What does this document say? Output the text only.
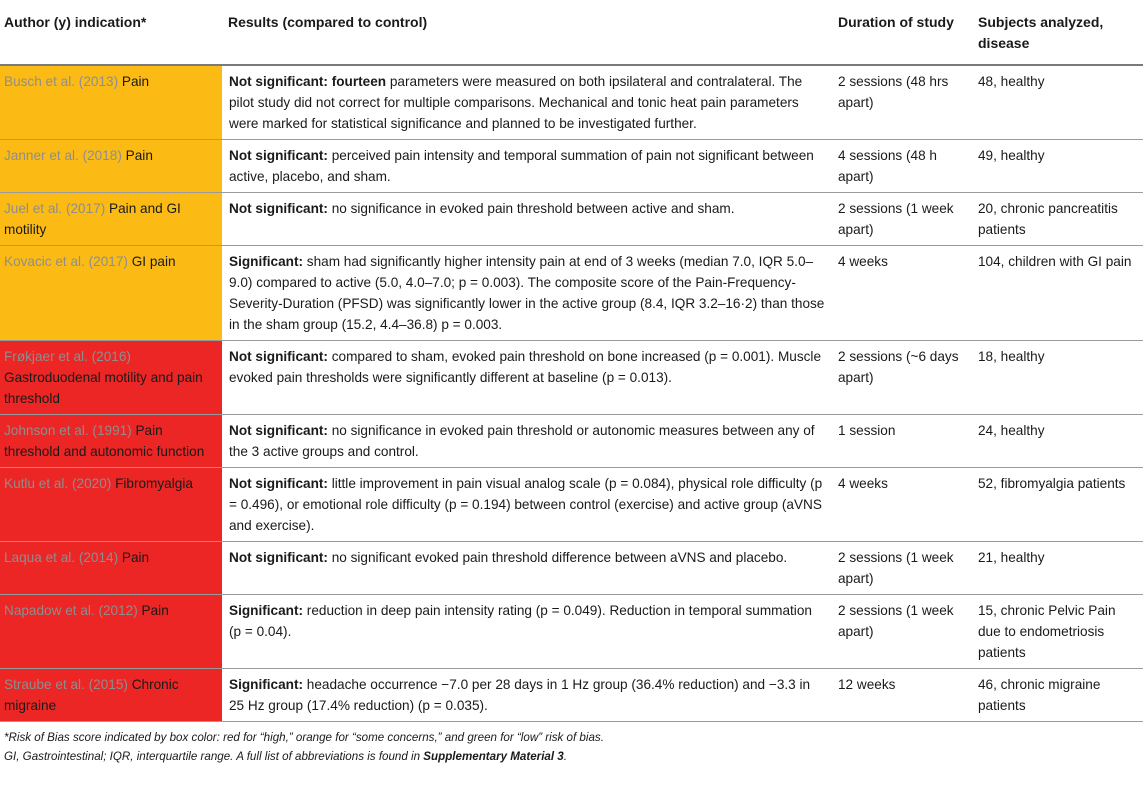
Author (y) indication*	Results (compared to control)	Duration of study	Subjects analyzed, disease
Busch et al. (2013) Pain	Not significant: fourteen parameters were measured on both ipsilateral and contralateral. The pilot study did not correct for multiple comparisons. Mechanical and tonic heat pain parameters were marked for statistical significance and planned to be investigated further.	2 sessions (48 hrs apart)	48, healthy
Janner et al. (2018) Pain	Not significant: perceived pain intensity and temporal summation of pain not significant between active, placebo, and sham.	4 sessions (48 h apart)	49, healthy
Juel et al. (2017) Pain and GI motility	Not significant: no significance in evoked pain threshold between active and sham.	2 sessions (1 week apart)	20, chronic pancreatitis patients
Kovacic et al. (2017) GI pain	Significant: sham had significantly higher intensity pain at end of 3 weeks (median 7.0, IQR 5.0–9.0) compared to active (5.0, 4.0–7.0; p = 0.003). The composite score of the Pain-Frequency-Severity-Duration (PFSD) was significantly lower in the active group (8.4, IQR 3.2–16·2) than those in the sham group (15.2, 4.4–36.8) p = 0.003.	4 weeks	104, children with GI pain
Frøkjaer et al. (2016) Gastroduodenal motility and pain threshold	Not significant: compared to sham, evoked pain threshold on bone increased (p = 0.001). Muscle evoked pain thresholds were significantly different at baseline (p = 0.013).	2 sessions (~6 days apart)	18, healthy
Johnson et al. (1991) Pain threshold and autonomic function	Not significant: no significance in evoked pain threshold or autonomic measures between any of the 3 active groups and control.	1 session	24, healthy
Kutlu et al. (2020) Fibromyalgia	Not significant: little improvement in pain visual analog scale (p = 0.084), physical role difficulty (p = 0.496), or emotional role difficulty (p = 0.194) between control (exercise) and active group (aVNS and exercise).	4 weeks	52, fibromyalgia patients
Laqua et al. (2014) Pain	Not significant: no significant evoked pain threshold difference between aVNS and placebo.	2 sessions (1 week apart)	21, healthy
Napadow et al. (2012) Pain	Significant: reduction in deep pain intensity rating (p = 0.049). Reduction in temporal summation (p = 0.04).	2 sessions (1 week apart)	15, chronic Pelvic Pain due to endometriosis patients
Straube et al. (2015) Chronic migraine	Significant: headache occurrence −7.0 per 28 days in 1 Hz group (36.4% reduction) and −3.3 in 25 Hz group (17.4% reduction) (p = 0.035).	12 weeks	46, chronic migraine patients
*Risk of Bias score indicated by box color: red for “high,” orange for “some concerns,” and green for “low” risk of bias.
GI, Gastrointestinal; IQR, interquartile range. A full list of abbreviations is found in Supplementary Material 3.
